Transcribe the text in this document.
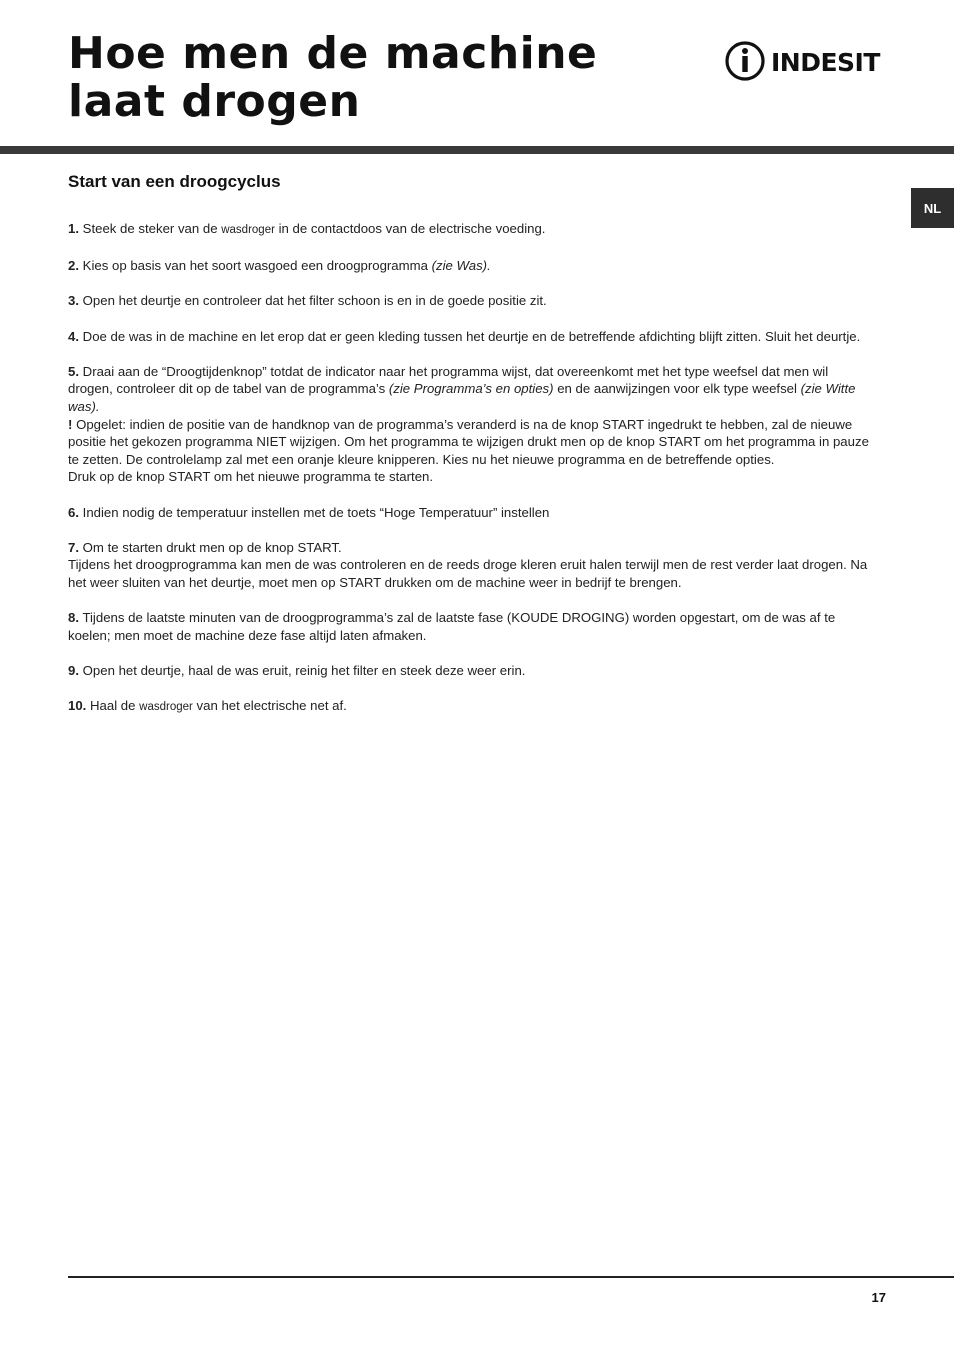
Hoe men de machine laat drogen
INDESIT
NL
Start van een droogcyclus

1. Steek de steker van de wasdroger in de contactdoos van de electrische voeding.

2. Kies op basis van het soort wasgoed een droogprogramma (zie Was).

3. Open het deurtje en controleer dat het filter schoon is en in de goede positie zit.

4. Doe de was in de machine en let erop dat er geen kleding tussen het deurtje en de betreffende afdichting blijft zitten. Sluit het deurtje.

5. Draai aan de “Droogtijdenknop” totdat de indicator naar het programma wijst, dat overeenkomt met het type weefsel dat men wil drogen, controleer dit op de tabel van de programma’s (zie Programma’s en opties) en de aanwijzingen voor elk type weefsel (zie Witte was).
! Opgelet: indien de positie van de handknop van de programma’s veranderd is na de knop START ingedrukt te hebben, zal de nieuwe positie het gekozen programma NIET wijzigen. Om het programma te wijzigen drukt men op de knop START om het programma in pauze te zetten. De controlelamp zal met een oranje kleure knipperen. Kies nu het nieuwe programma en de betreffende opties.
Druk op de knop START om het nieuwe programma te starten.

6. Indien nodig de temperatuur instellen met de toets “Hoge Temperatuur” instellen

7. Om te starten drukt men op de knop START.
Tijdens het droogprogramma kan men de was controleren en de reeds droge kleren eruit halen terwijl men de rest verder laat drogen. Na het weer sluiten van het deurtje, moet men op START drukken om de machine weer in bedrijf te brengen.

8. Tijdens de laatste minuten van de droogprogramma’s zal de laatste fase (KOUDE DROGING) worden opgestart, om de was af te koelen; men moet de machine deze fase altijd laten afmaken.

9. Open het deurtje, haal de was eruit, reinig het filter en steek deze weer erin.

10. Haal de wasdroger van het electrische net af.

17
